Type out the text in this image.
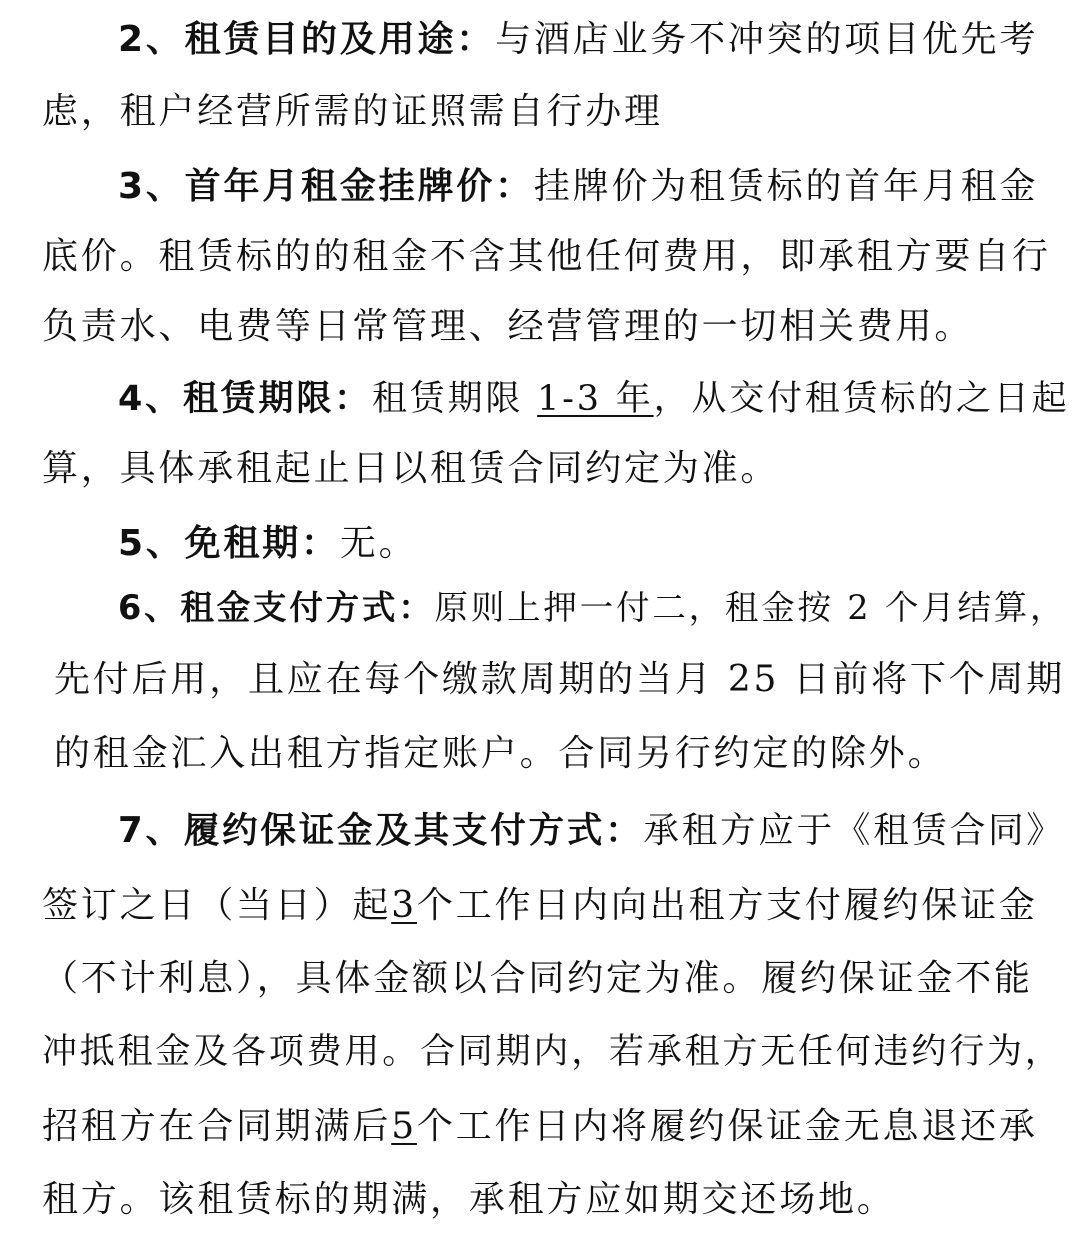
2、租赁目的及用途：与酒店业务不冲突的项目优先考
虑，租户经营所需的证照需自行办理
3、首年月租金挂牌价：挂牌价为租赁标的首年月租金
底价。租赁标的的租金不含其他任何费用，即承租方要自行
负责水、电费等日常管理、经营管理的一切相关费用。
4、租赁期限：租赁期限 1-3 年，从交付租赁标的之日起
算，具体承租起止日以租赁合同约定为准。
5、免租期：无。
6、租金支付方式：原则上押一付二，租金按 2 个月结算，
先付后用，且应在每个缴款周期的当月 25 日前将下个周期
的租金汇入出租方指定账户。合同另行约定的除外。
7、履约保证金及其支付方式：承租方应于《租赁合同》
签订之日（当日）起3个工作日内向出租方支付履约保证金
（不计利息），具体金额以合同约定为准。履约保证金不能
冲抵租金及各项费用。合同期内，若承租方无任何违约行为，
招租方在合同期满后5个工作日内将履约保证金无息退还承
租方。该租赁标的期满，承租方应如期交还场地。
